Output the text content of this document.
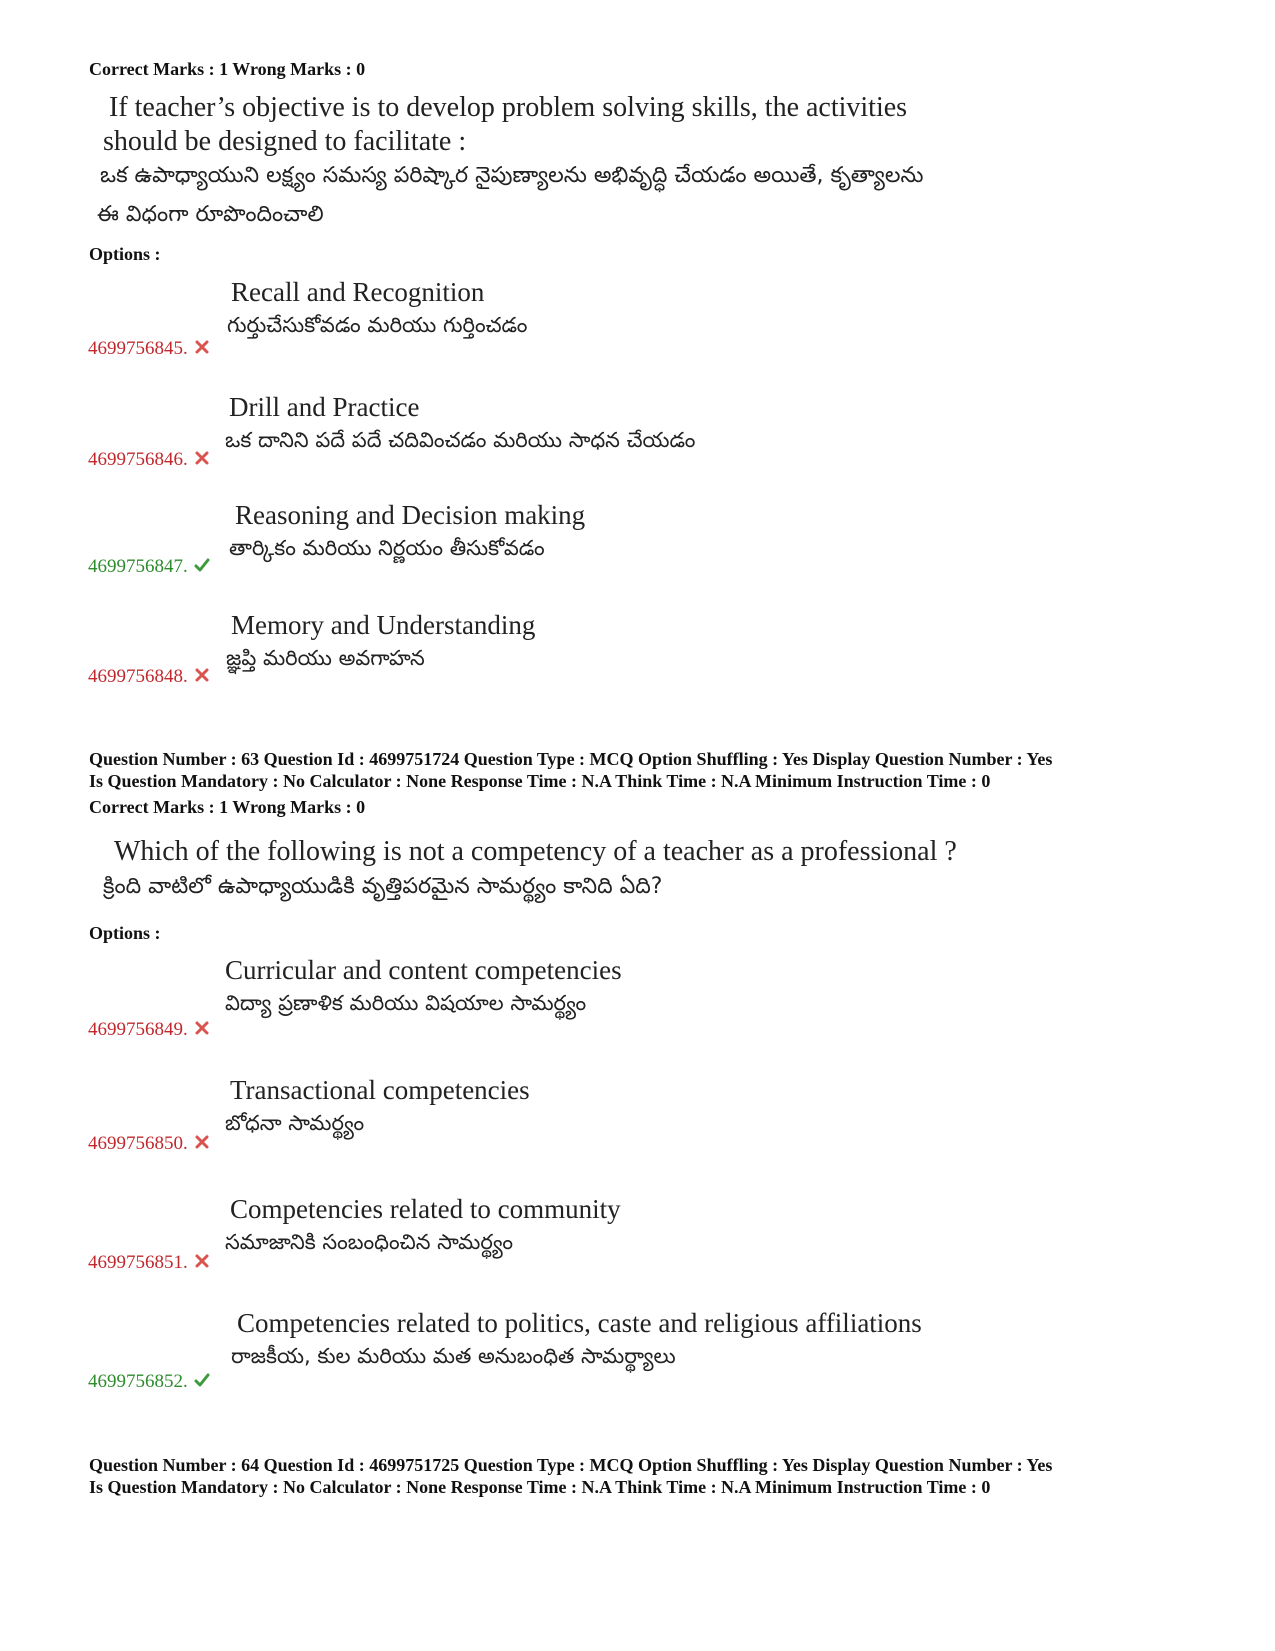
Correct Marks : 1 Wrong Marks : 0
If teacher’s objective is to develop problem solving skills, the activities
should be designed to facilitate :
ఒక ఉపాధ్యాయుని లక్ష్యం సమస్య పరిష్కార నైపుణ్యాలను అభివృద్ధి చేయడం అయితే, కృత్యాలను
ఈ విధంగా రూపొందించాలి
Options :
Recall and Recognition
గుర్తుచేసుకోవడం మరియు గుర్తించడం
4699756845.
Drill and Practice
ఒక దానిని పదే పదే చదివించడం మరియు సాధన చేయడం
4699756846.
Reasoning and Decision making
తార్కికం మరియు నిర్ణయం తీసుకోవడం
4699756847.
Memory and Understanding
జ్ఞప్తి మరియు అవగాహన
4699756848.
Question Number : 63 Question Id : 4699751724 Question Type : MCQ Option Shuffling : Yes Display Question Number : Yes
Is Question Mandatory : No Calculator : None Response Time : N.A Think Time : N.A Minimum Instruction Time : 0
Correct Marks : 1 Wrong Marks : 0
Which of the following is not a competency of a teacher as a professional ?
క్రింది వాటిలో ఉపాధ్యాయుడికి వృత్తిపరమైన సామర్థ్యం కానిది ఏది?
Options :
Curricular and content competencies
విద్యా ప్రణాళిక మరియు విషయాల సామర్థ్యం
4699756849.
Transactional competencies
బోధనా సామర్థ్యం
4699756850.
Competencies related to community
సమాజానికి సంబంధించిన సామర్థ్యం
4699756851.
Competencies related to politics, caste and religious affiliations
రాజకీయ, కుల మరియు మత అనుబంధిత సామర్థ్యాలు
4699756852.
Question Number : 64 Question Id : 4699751725 Question Type : MCQ Option Shuffling : Yes Display Question Number : Yes
Is Question Mandatory : No Calculator : None Response Time : N.A Think Time : N.A Minimum Instruction Time : 0
